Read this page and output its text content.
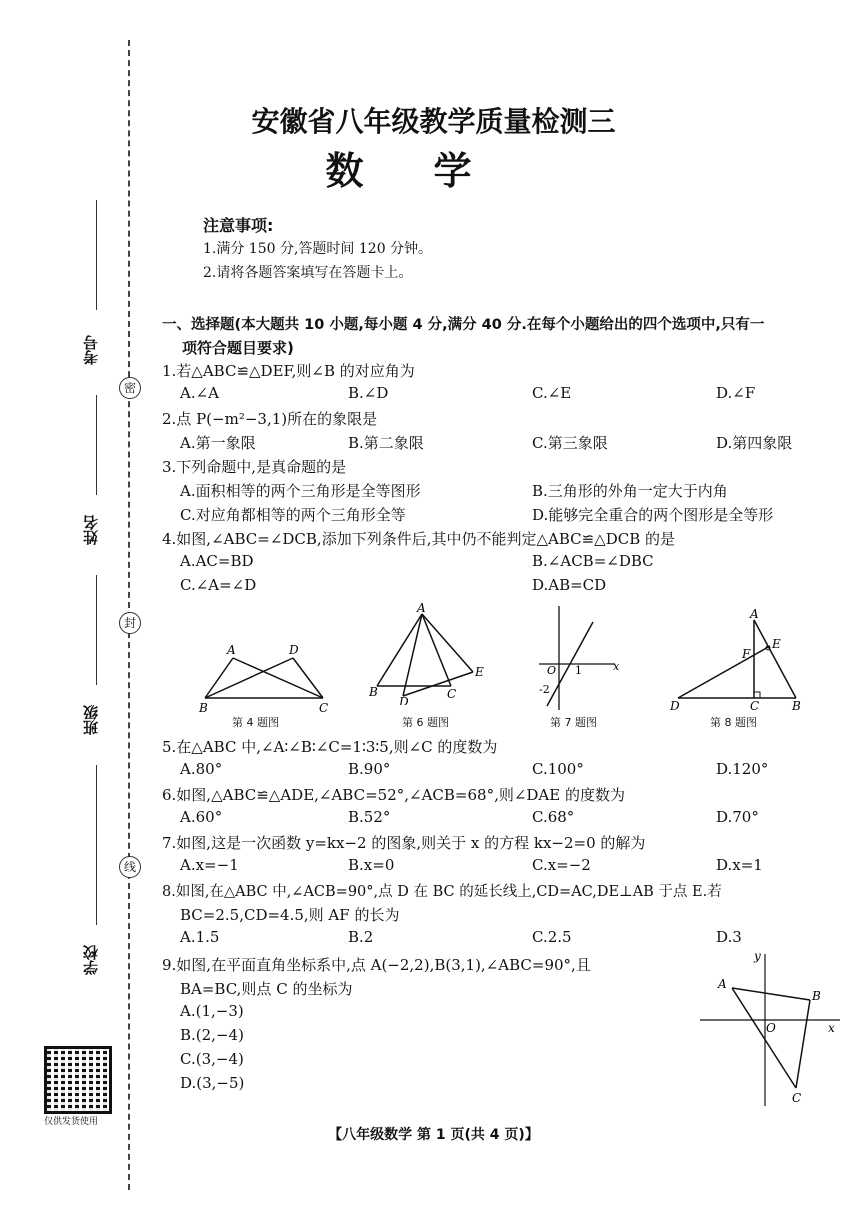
考号
姓名
班级
学校
密
封
线
仅供发货使用
安徽省八年级教学质量检测三
数学
注意事项:
1.满分 150 分,答题时间 120 分钟。
2.请将各题答案填写在答题卡上。
一、选择题(本大题共 10 小题,每小题 4 分,满分 40 分.在每个小题给出的四个选项中,只有一
项符合题目要求)
1.若△ABC≌△DEF,则∠B 的对应角为
A.∠A	B.∠D	C.∠E	D.∠F
2.点 P(−m²−3,1)所在的象限是
A.第一象限	B.第二象限	C.第三象限	D.第四象限
3.下列命题中,是真命题的是
A.面积相等的两个三角形是全等图形	B.三角形的外角一定大于内角
C.对应角都相等的两个三角形全等	D.能够完全重合的两个图形是全等形
4.如图,∠ABC=∠DCB,添加下列条件后,其中仍不能判定△ABC≌△DCB 的是
A.AC=BD	B.∠ACB=∠DBC
C.∠A=∠D	D.AB=CD
A	D
B	C
第 4 题图
A
E
B
D
C
第 6 题图
O 1
-2
x
第 7 题图
A
E
F
D	C	B
第 8 题图
5.在△ABC 中,∠A∶∠B∶∠C=1∶3∶5,则∠C 的度数为
A.80°	B.90°	C.100°	D.120°
6.如图,△ABC≌△ADE,∠ABC=52°,∠ACB=68°,则∠DAE 的度数为
A.60°	B.52°	C.68°	D.70°
7.如图,这是一次函数 y=kx−2 的图象,则关于 x 的方程 kx−2=0 的解为
A.x=−1	B.x=0	C.x=−2	D.x=1
8.如图,在△ABC 中,∠ACB=90°,点 D 在 BC 的延长线上,CD=AC,DE⊥AB 于点 E.若
BC=2.5,CD=4.5,则 AF 的长为
A.1.5	B.2	C.2.5	D.3
9.如图,在平面直角坐标系中,点 A(−2,2),B(3,1),∠ABC=90°,且
BA=BC,则点 C 的坐标为
A.(1,−3)
B.(2,−4)
C.(3,−4)
D.(3,−5)
y
A
B
O	x
C
【八年级数学 第 1 页(共 4 页)】
